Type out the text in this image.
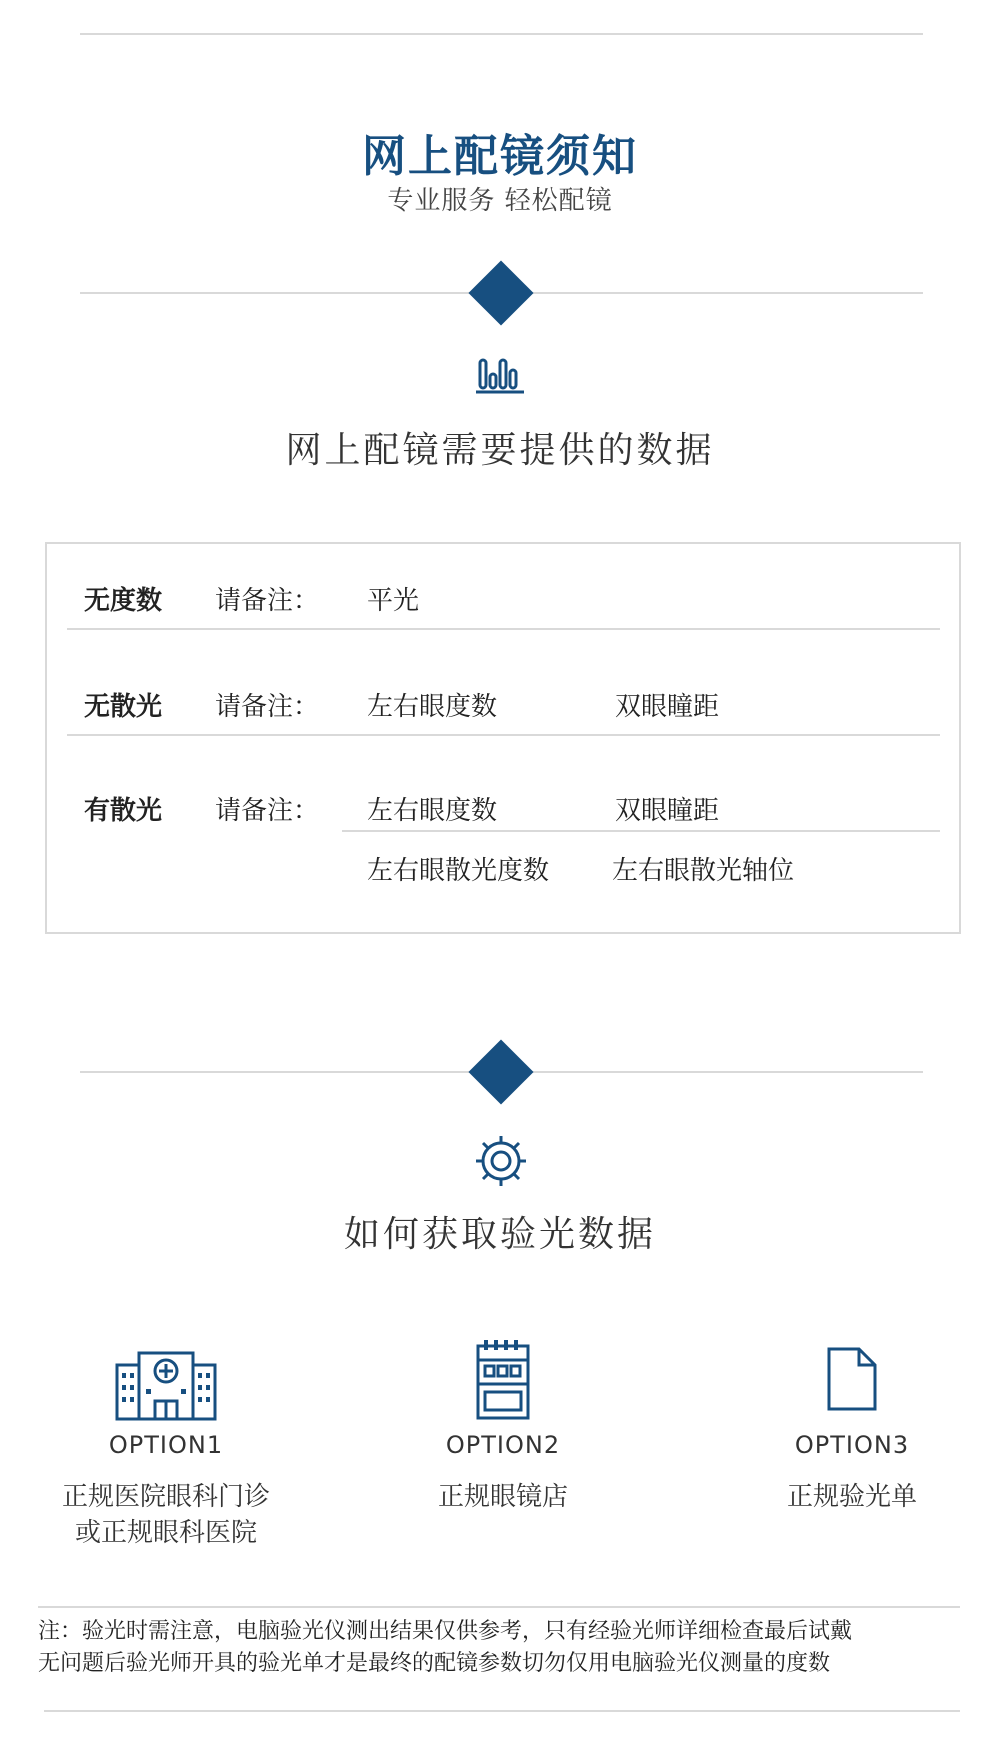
网上配镜须知
专业服务 轻松配镜
网上配镜需要提供的数据
无度数 请备注： 平光
无散光 请备注： 左右眼度数	双眼瞳距
有散光 请备注： 左右眼度数	双眼瞳距
左右眼散光度数 左右眼散光轴位
如何获取验光数据
OPTION1
正规医院眼科门诊
或正规眼科医院
OPTION2
正规眼镜店
OPTION3
正规验光单
注：验光时需注意，电脑验光仪测出结果仅供参考，只有经验光师详细检查最后试戴
无问题后验光师开具的验光单才是最终的配镜参数切勿仅用电脑验光仪测量的度数
